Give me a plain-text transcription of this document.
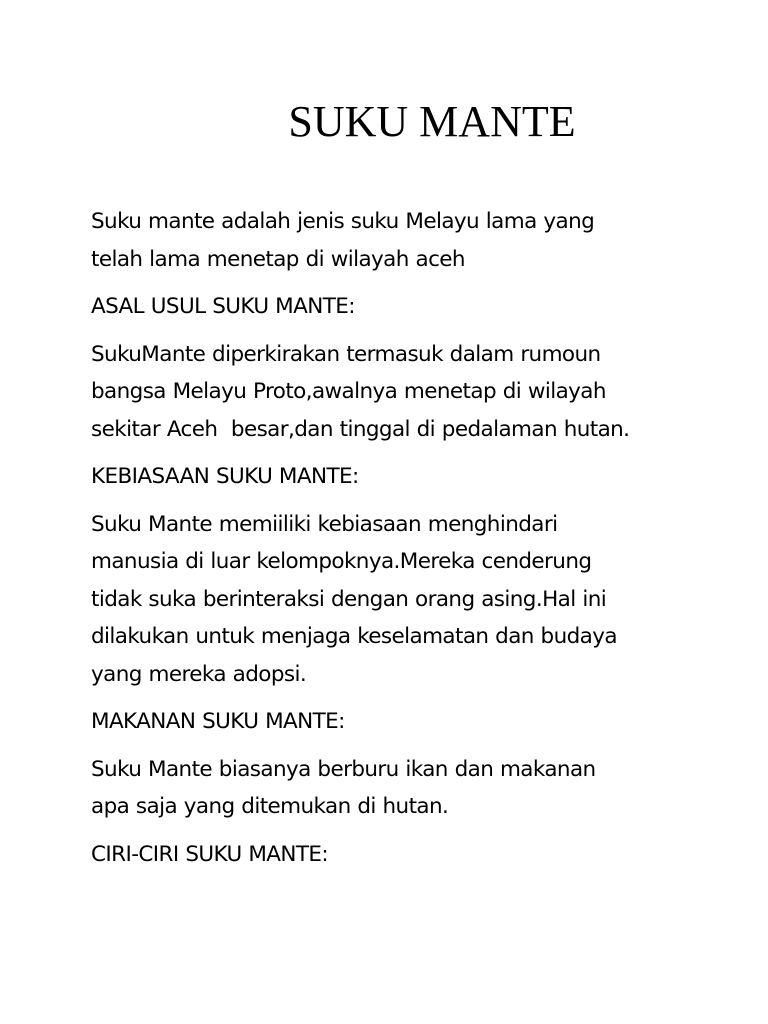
SUKU MANTE

Suku mante adalah jenis suku Melayu lama yang
telah lama menetap di wilayah aceh

ASAL USUL SUKU MANTE:

SukuMante diperkirakan termasuk dalam rumoun
bangsa Melayu Proto,awalnya menetap di wilayah
sekitar Aceh  besar,dan tinggal di pedalaman hutan.

KEBIASAAN SUKU MANTE:

Suku Mante memiiliki kebiasaan menghindari
manusia di luar kelompoknya.Mereka cenderung
tidak suka berinteraksi dengan orang asing.Hal ini
dilakukan untuk menjaga keselamatan dan budaya
yang mereka adopsi.

MAKANAN SUKU MANTE:

Suku Mante biasanya berburu ikan dan makanan
apa saja yang ditemukan di hutan.

CIRI-CIRI SUKU MANTE:
